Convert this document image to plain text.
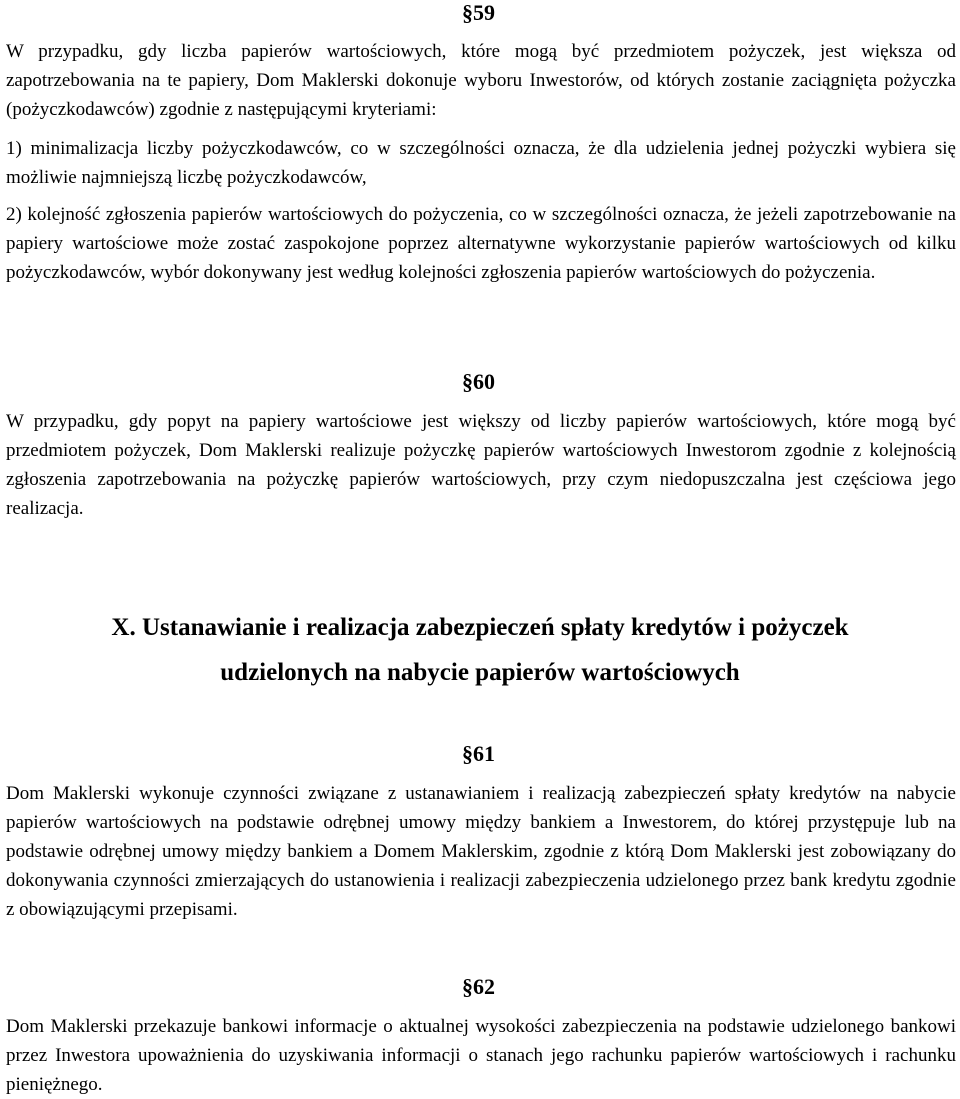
§59

W przypadku, gdy liczba papierów wartościowych, które mogą być przedmiotem pożyczek, jest większa od zapotrzebowania na te papiery, Dom Maklerski dokonuje wyboru Inwestorów, od których zostanie zaciągnięta pożyczka (pożyczkodawców) zgodnie z następującymi kryteriami:

1) minimalizacja liczby pożyczkodawców, co w szczególności oznacza, że dla udzielenia jednej pożyczki wybiera się możliwie najmniejszą liczbę pożyczkodawców,

2) kolejność zgłoszenia papierów wartościowych do pożyczenia, co w szczególności oznacza, że jeżeli zapotrzebowanie na papiery wartościowe może zostać zaspokojone poprzez alternatywne wykorzystanie papierów wartościowych od kilku pożyczkodawców, wybór dokonywany jest według kolejności zgłoszenia papierów wartościowych do pożyczenia.

§60

W przypadku, gdy popyt na papiery wartościowe jest większy od liczby papierów wartościowych, które mogą być przedmiotem pożyczek, Dom Maklerski realizuje pożyczkę papierów wartościowych Inwestorom zgodnie z kolejnością zgłoszenia zapotrzebowania na pożyczkę papierów wartościowych, przy czym niedopuszczalna jest częściowa jego realizacja.

X. Ustanawianie i realizacja zabezpieczeń spłaty kredytów i pożyczek
udzielonych na nabycie papierów wartościowych
§61

Dom Maklerski wykonuje czynności związane z ustanawianiem i realizacją zabezpieczeń spłaty kredytów na nabycie papierów wartościowych na podstawie odrębnej umowy między bankiem a Inwestorem, do której przystępuje lub na podstawie odrębnej umowy między bankiem a Domem Maklerskim, zgodnie z którą Dom Maklerski jest zobowiązany do dokonywania czynności zmierzających do ustanowienia i realizacji zabezpieczenia udzielonego przez bank kredytu zgodnie z obowiązującymi przepisami.

§62

Dom Maklerski przekazuje bankowi informacje o aktualnej wysokości zabezpieczenia na podstawie udzielonego bankowi przez Inwestora upoważnienia do uzyskiwania informacji o stanach jego rachunku papierów wartościowych i rachunku pieniężnego.
